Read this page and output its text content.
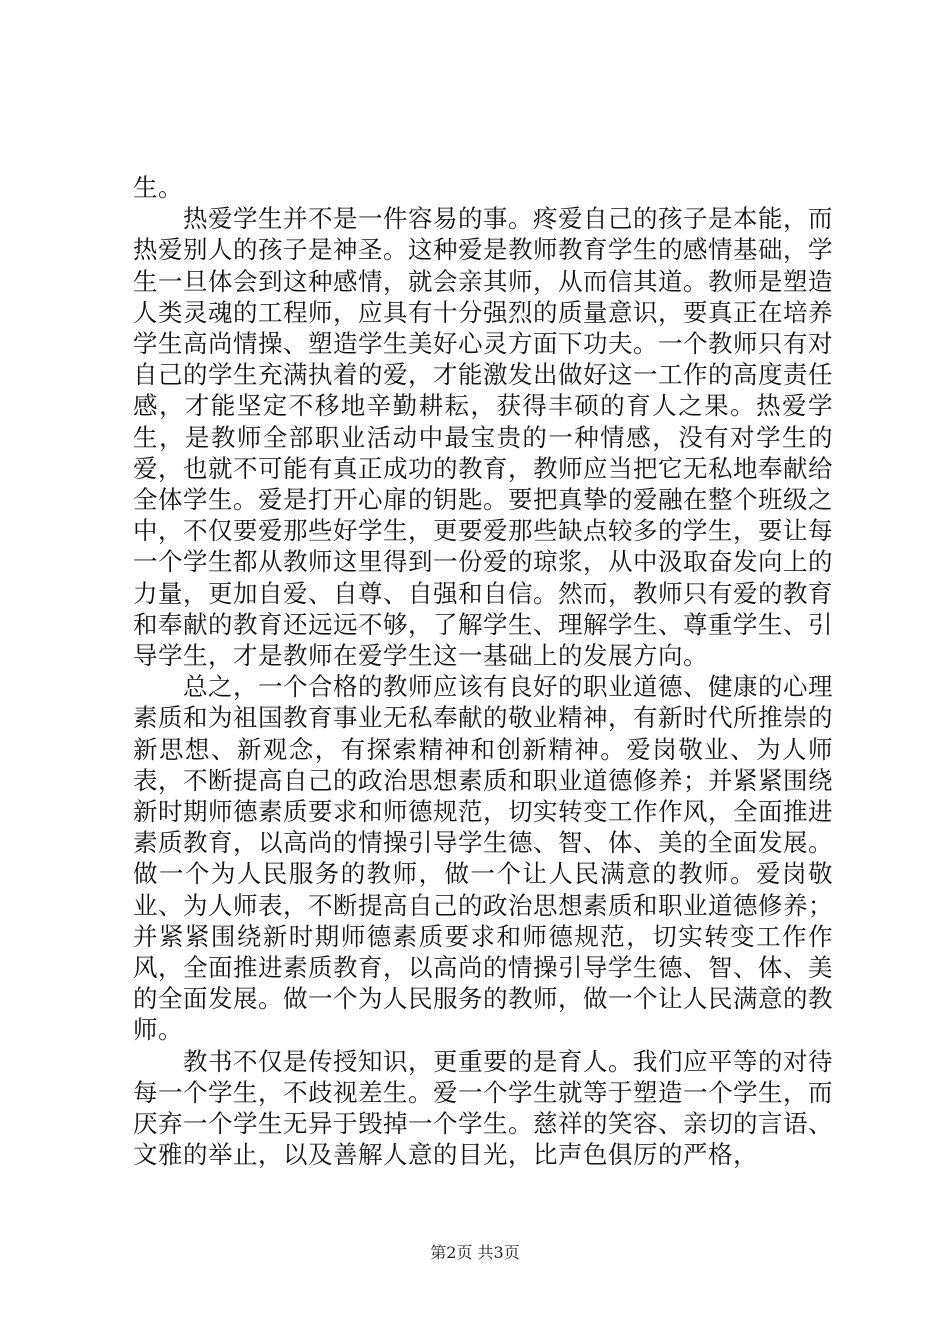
生。

热爱学生并不是一件容易的事。疼爱自己的孩子是本能，而热爱别人的孩子是神圣。这种爱是教师教育学生的感情基础，学生一旦体会到这种感情，就会亲其师，从而信其道。教师是塑造人类灵魂的工程师，应具有十分强烈的质量意识，要真正在培养学生高尚情操、塑造学生美好心灵方面下功夫。一个教师只有对自己的学生充满执着的爱，才能激发出做好这一工作的高度责任感，才能坚定不移地辛勤耕耘，获得丰硕的育人之果。热爱学生，是教师全部职业活动中最宝贵的一种情感，没有对学生的爱，也就不可能有真正成功的教育，教师应当把它无私地奉献给全体学生。爱是打开心扉的钥匙。要把真挚的爱融在整个班级之中，不仅要爱那些好学生，更要爱那些缺点较多的学生，要让每一个学生都从教师这里得到一份爱的琼浆，从中汲取奋发向上的力量，更加自爱、自尊、自强和自信。然而，教师只有爱的教育和奉献的教育还远远不够，了解学生、理解学生、尊重学生、引导学生，才是教师在爱学生这一基础上的发展方向。

总之，一个合格的教师应该有良好的职业道德、健康的心理素质和为祖国教育事业无私奉献的敬业精神，有新时代所推崇的新思想、新观念，有探索精神和创新精神。爱岗敬业、为人师表，不断提高自己的政治思想素质和职业道德修养；并紧紧围绕新时期师德素质要求和师德规范，切实转变工作作风，全面推进素质教育，以高尚的情操引导学生德、智、体、美的全面发展。做一个为人民服务的教师，做一个让人民满意的教师。爱岗敬业、为人师表，不断提高自己的政治思想素质和职业道德修养；并紧紧围绕新时期师德素质要求和师德规范，切实转变工作作风，全面推进素质教育，以高尚的情操引导学生德、智、体、美的全面发展。做一个为人民服务的教师，做一个让人民满意的教师。

教书不仅是传授知识，更重要的是育人。我们应平等的对待每一个学生，不歧视差生。爱一个学生就等于塑造一个学生，而厌弃一个学生无异于毁掉一个学生。慈祥的笑容、亲切的言语、文雅的举止，以及善解人意的目光，比声色俱厉的严格，

第2页 共3页
